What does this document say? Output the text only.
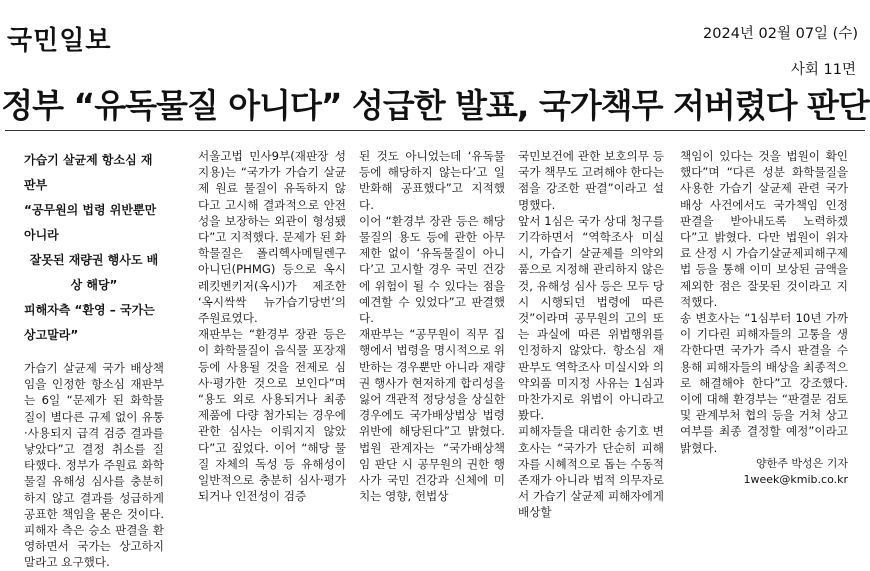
국민일보	2024년 02월 07일 (수)
사회 11면
정부 “유독물질 아니다” 성급한 발표, 국가책무 저버렸다 판단

가습기 살균제 항소심 재판부

“공무원의 법령 위반뿐만 아니라

잘못된 재량권 행사도 배상 해당”

피해자측 “환영 – 국가는 상고말라”

가습기 살균제 국가 배상책임을 인정한 항소심 재판부는 6일 “문제가 된 화학물질이 별다른 규제 없이 유통·사용되지 급격 검증 결과를 낳았다”고 결정 취소를 질타했다. 정부가 주원료 화학물질 유해성 심사를 충분히 하지 않고 결과를 성급하게 공표한 책임을 묻은 것이다. 피해자 측은 승소 판결을 환영하면서 국가는 상고하지 말라고 요구했다.

서울고법 민사9부(재판장 성지용)는 “국가가 가습기 살균제 원료 물질이 유독하지 않다고 고시해 결과적으로 안전성을 보장하는 외관이 형성됐다”고 지적했다. 문제가 된 화학물질은 폴리헥사메틸렌구아니딘(PHMG) 등으로 옥시레킷벤키저(옥시)가 제조한 ‘옥시싹싹 뉴가습기당번’의 주원료였다.
재판부는 “환경부 장관 등은 이 화학물질이 음식물 포장재 등에 사용될 것을 전제로 심사·평가한 것으로 보인다”며 “용도 외로 사용되거나 최종 제품에 다량 첨가되는 경우에 관한 심사는 이뤄지지 않았다”고 짚었다. 이어 “해당 물질 자체의 독성 등 유해성이 일반적으로 충분히 심사·평가되거나 인전성이 검증

된 것도 아니었는데 ‘유독물 등에 해당하지 않는다’고 일반화해 공표했다”고 지적했다.
이어 “환경부 장관 등은 해당 물질의 용도 등에 관한 아무 제한 없이 ‘유독물질이 아니다’고 고시할 경우 국민 건강에 위험이 될 수 있다는 점을 예견할 수 있었다”고 판결했다.
재판부는 “공무원이 직무 집행에서 법령을 명시적으로 위반하는 경우뿐만 아니라 재량권 행사가 현저하게 합리성을 잃어 객관적 정당성을 상실한 경우에도 국가배상법상 법령 위반에 해당된다”고 밝혔다. 법원 관계자는 “국가배상책임 판단 시 공무원의 권한 행사가 국민 건강과 신체에 미치는 영향, 헌법상

국민보건에 관한 보호의무 등 국가 책무도 고려해야 한다는 점을 강조한 판결”이라고 설명했다.
앞서 1심은 국가 상대 청구를 기각하면서 “역학조사 미실시, 가습기 살균제를 의약외품으로 지정해 관리하지 않은 것, 유해성 심사 등은 모두 당시 시행되던 법령에 따른 것”이라며 공무원의 고의 또는 과실에 따른 위법행위를 인정하지 않았다. 항소심 재판부도 역학조사 미실시와 의약외품 미지정 사유는 1심과 마찬가지로 위법이 아니라고 봤다.
피해자들을 대리한 송기호 변호사는 “국가가 단순히 피해자를 시혜적으로 돕는 수동적 존재가 아니라 법적 의무자로서 가습기 살균제 피해자에게 배상할

책임이 있다는 것을 법원이 확인했다”며 “다른 성분 화학물질을 사용한 가습기 살균제 관련 국가 배상 사건에서도 국가책임 인정 판결을 받아내도록 노력하겠다”고 밝혔다. 다만 법원이 위자료 산정 시 가습기살균제피해구제법 등을 통해 이미 보상된 금액을 제외한 점은 잘못된 것이라고 지적했다.
송 변호사는 “1심부터 10년 가까이 기다린 피해자들의 고통을 생각한다면 국가가 즉시 판결을 수용해 피해자들의 배상을 최종적으로 해결해야 한다”고 강조했다. 이에 대해 환경부는 “판결문 검토 및 관계부처 협의 등을 거쳐 상고 여부를 최종 결정할 예정”이라고 밝혔다.

양한주 박성은 기자 1week@kmib.co.kr
